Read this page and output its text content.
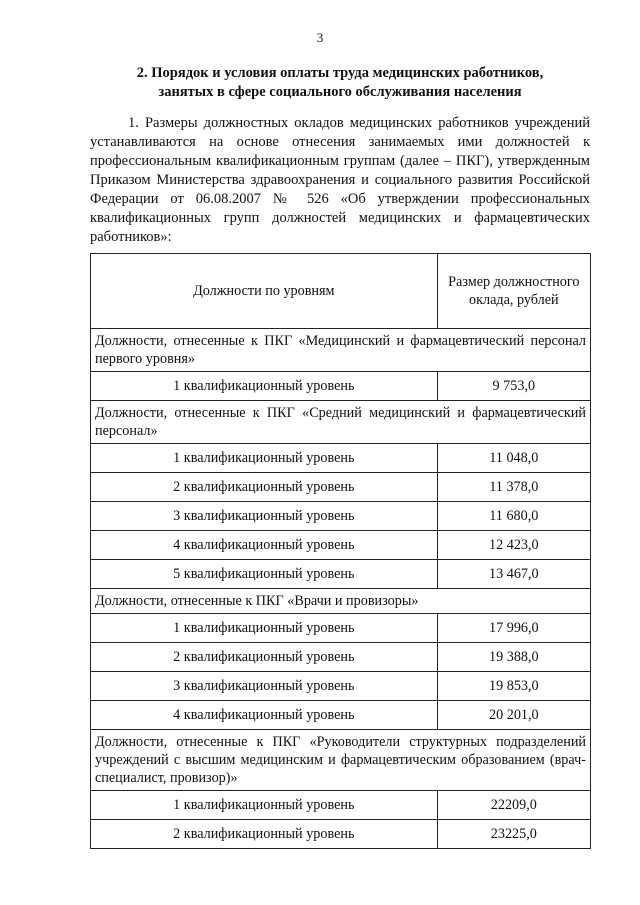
3
2. Порядок и условия оплаты труда медицинских работников,
занятых в сфере социального обслуживания населения
1. Размеры должностных окладов медицинских работников учреждений устанавливаются на основе отнесения занимаемых ими должностей к профессиональным квалификационным группам (далее – ПКГ), утвержденным Приказом Министерства здравоохранения и социального развития Российской Федерации от 06.08.2007 № 526 «Об утверждении профессиональных квалификационных групп должностей медицинских и фармацевтических работников»:
Должности по уровням	Размер должностного оклада, рублей
Должности, отнесенные к ПКГ «Медицинский и фармацевтический персонал первого уровня»	
1 квалификационный уровень	9 753,0
Должности, отнесенные к ПКГ «Средний медицинский и фармацевтический персонал»	
1 квалификационный уровень	11 048,0
2 квалификационный уровень	11 378,0
3 квалификационный уровень	11 680,0
4 квалификационный уровень	12 423,0
5 квалификационный уровень	13 467,0
Должности, отнесенные к ПКГ «Врачи и провизоры»	
1 квалификационный уровень	17 996,0
2 квалификационный уровень	19 388,0
3 квалификационный уровень	19 853,0
4 квалификационный уровень	20 201,0
Должности, отнесенные к ПКГ «Руководители структурных подразделений учреждений с высшим медицинским и фармацевтическим образованием (врач-специалист, провизор)»	
1 квалификационный уровень	22209,0
2 квалификационный уровень	23225,0
